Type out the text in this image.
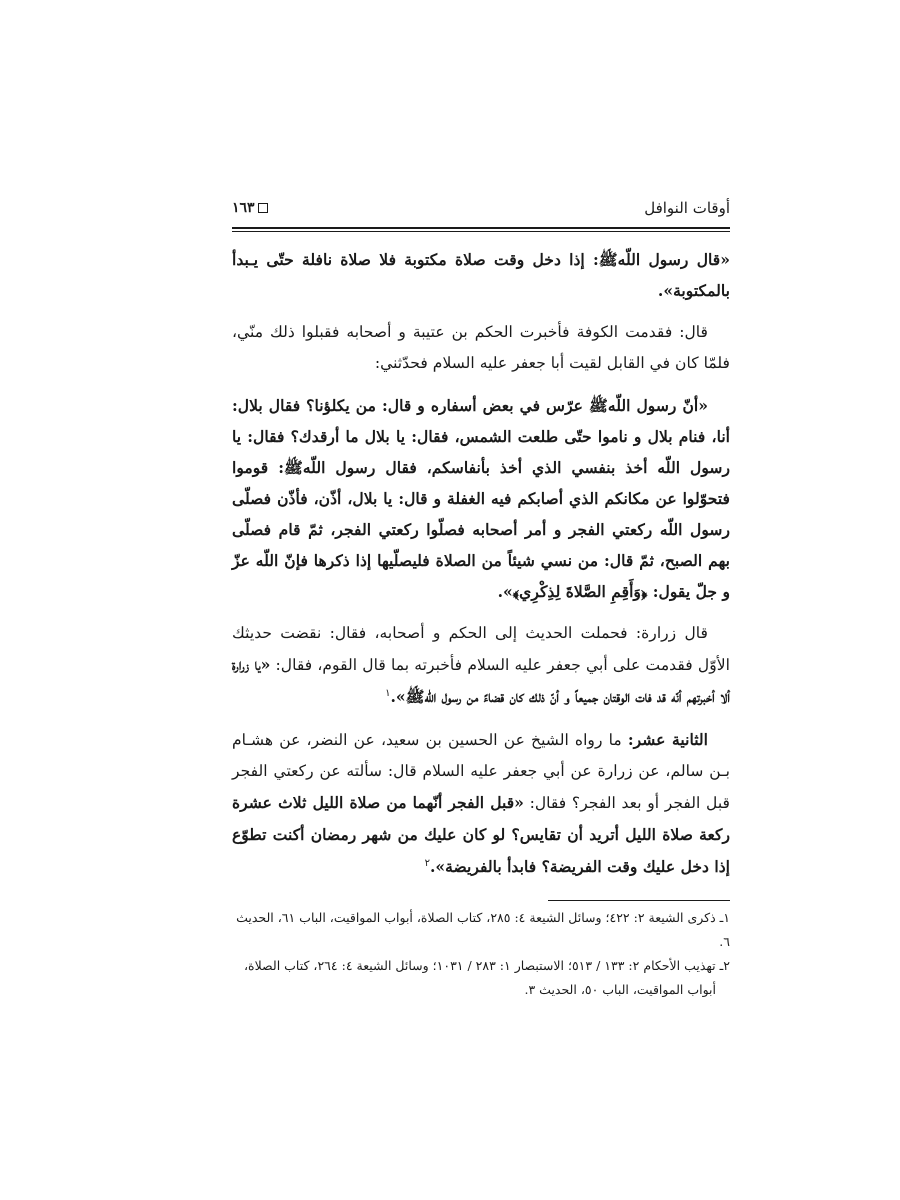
١٦٣	أوقات النوافل

«قال رسول اللّه‌ﷺ: إذا دخل وقت صلاة مكتوبة فلا صلاة نافلة حتّى يـبدأ بالمكتوبة».

قال: فقدمت الكوفة فأخبرت الحكم بن عتيبة و أصحابه فقبلوا ذلك منّي، فلمّا كان في القابل لقيت أبا جعفر عليه السلام فحدّثني:

«أنّ رسول اللّه‌ﷺ عرّس في بعض أسفاره و قال: من يكلؤنا؟ فقال بلال: أنا، فنام بلال و ناموا حتّى طلعت الشمس، فقال: يا بلال ما أرقدك؟ فقال: يا رسول اللّه أخذ بنفسي الذي أخذ بأنفاسكم، فقال رسول اللّه‌ﷺ: قوموا فتحوّلوا عن مكانكم الذي أصابكم فيه الغفلة و قال: يا بلال، أذّن، فأذّن فصلّى رسول اللّه ركعتي الفجر و أمر أصحابه فصلّوا ركعتي الفجر، ثمّ قام فصلّى بهم الصبح، ثمّ قال: من نسي شيئاً من الصلاة فليصلّيها إذا ذكرها فإنّ اللّه عزّ و جلّ يقول: ﴿وَأَقِمِ الصَّلاةَ لِذِكْرِي﴾».

قال زرارة: فحملت الحديث إلى الحكم و أصحابه، فقال: نقضت حديثك الأوّل فقدمت على أبي جعفر عليه السلام فأخبرته بما قال القوم، فقال: «يا زرارة ألا أخبرتهم أنّه قد فات الوقتان جميعاً و أنّ ذلك كان قضاءً من رسول اللّه‌ﷺ».$^١$

الثانية عشر: ما رواه الشيخ عن الحسين بن سعيد، عن النضر، عن هشـام بـن سالم، عن زرارة عن أبي جعفر عليه السلام قال: سألته عن ركعتي الفجر قبل الفجر أو بعد الفجر؟ فقال: «قبل الفجر أنّهما من صلاة الليل ثلاث عشرة ركعة صلاة الليل أتريد أن تقايس؟ لو كان عليك من شهر رمضان أكنت تطوّع إذا دخل عليك وقت الفريضة؟ فابدأ بالفريضة».$^٢$

١ـ ذكرى الشيعة ٢: ٤٢٢؛ وسائل الشيعة ٤: ٢٨٥، كتاب الصلاة، أبواب المواقيت، الباب ٦١، الحديث ٦.
٢ـ تهذيب الأحكام ٢: ١٣٣ / ٥١٣؛ الاستبصار ١: ٢٨٣ / ١٠٣١؛ وسائل الشيعة ٤: ٢٦٤، كتاب الصلاة،
أبواب المواقيت، الباب ٥٠، الحديث ٣.
